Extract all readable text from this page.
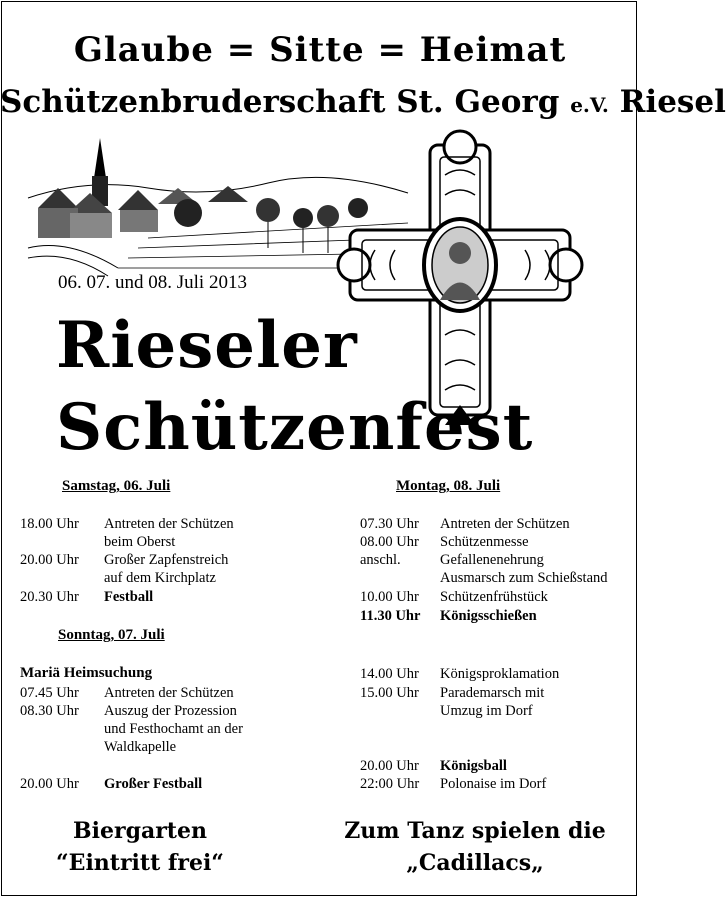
Glaube = Sitte = Heimat
Schützenbruderschaft St. Georg e.V. Riesel
06. 07. und 08. Juli 2013
Rieseler
Schützenfest
Samstag, 06. Juli
18.00 Uhr Antreten der Schützen
beim Oberst
20.00 Uhr Großer Zapfenstreich
auf dem Kirchplatz
20.30 Uhr Festball
Sonntag, 07. Juli
Mariä Heimsuchung
07.45 Uhr Antreten der Schützen
08.30 Uhr Auszug der Prozession
und Festhochamt an der
Waldkapelle
20.00 Uhr Großer Festball
Montag, 08. Juli
07.30 Uhr Antreten der Schützen
08.00 Uhr Schützenmesse
anschl.	Gefallenenehrung
Ausmarsch zum Schießstand
10.00 Uhr Schützenfrühstück
11.30 Uhr Königsschießen
14.00 Uhr Königsproklamation
15.00 Uhr Parademarsch mit
Umzug im Dorf
20.00 Uhr Königsball
22:00 Uhr Polonaise im Dorf
Biergarten
“Eintritt frei“
Zum Tanz spielen die
„Cadillacs„
